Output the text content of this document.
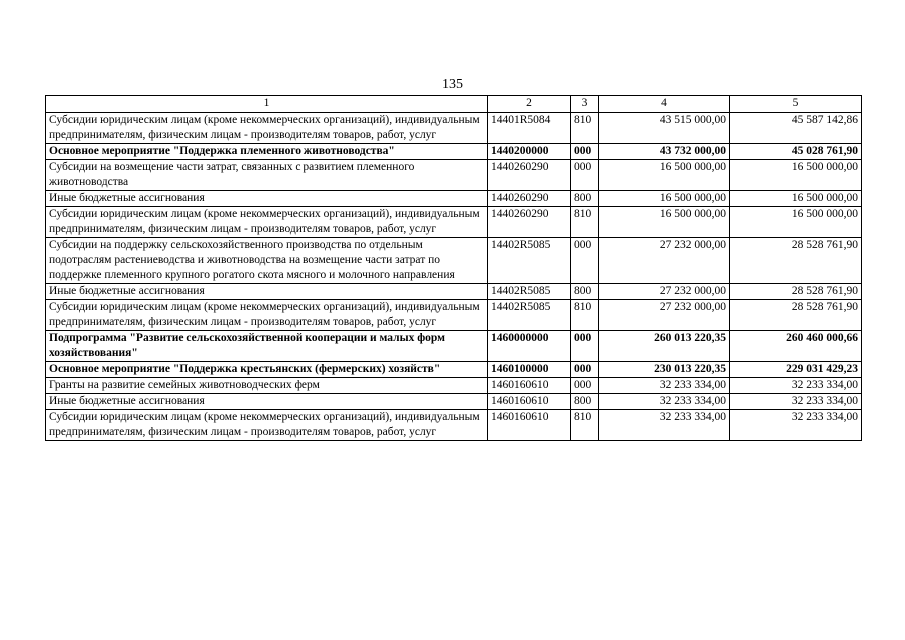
135
1	2	3	4	5
Субсидии юридическим лицам (кроме некоммерческих организаций), индивидуальным предпринимателям, физическим лицам - производителям товаров, работ, услуг	14401R5084	810	43 515 000,00	45 587 142,86
Основное мероприятие "Поддержка племенного животноводства"	1440200000	000	43 732 000,00	45 028 761,90
Субсидии на возмещение части затрат, связанных с развитием племенного животноводства	1440260290	000	16 500 000,00	16 500 000,00
Иные бюджетные ассигнования	1440260290	800	16 500 000,00	16 500 000,00
Субсидии юридическим лицам (кроме некоммерческих организаций), индивидуальным предпринимателям, физическим лицам - производителям товаров, работ, услуг	1440260290	810	16 500 000,00	16 500 000,00
Субсидии на поддержку сельскохозяйственного производства по отдельным подотраслям растениеводства и животноводства на возмещение части затрат по поддержке племенного крупного рогатого скота мясного и молочного направления	14402R5085	000	27 232 000,00	28 528 761,90
Иные бюджетные ассигнования	14402R5085	800	27 232 000,00	28 528 761,90
Субсидии юридическим лицам (кроме некоммерческих организаций), индивидуальным предпринимателям, физическим лицам - производителям товаров, работ, услуг	14402R5085	810	27 232 000,00	28 528 761,90
Подпрограмма "Развитие сельскохозяйственной кооперации и малых форм хозяйствования"	1460000000	000	260 013 220,35	260 460 000,66
Основное мероприятие "Поддержка крестьянских (фермерских) хозяйств"	1460100000	000	230 013 220,35	229 031 429,23
Гранты на развитие семейных животноводческих ферм	1460160610	000	32 233 334,00	32 233 334,00
Иные бюджетные ассигнования	1460160610	800	32 233 334,00	32 233 334,00
Субсидии юридическим лицам (кроме некоммерческих организаций), индивидуальным предпринимателям, физическим лицам - производителям товаров, работ, услуг	1460160610	810	32 233 334,00	32 233 334,00
